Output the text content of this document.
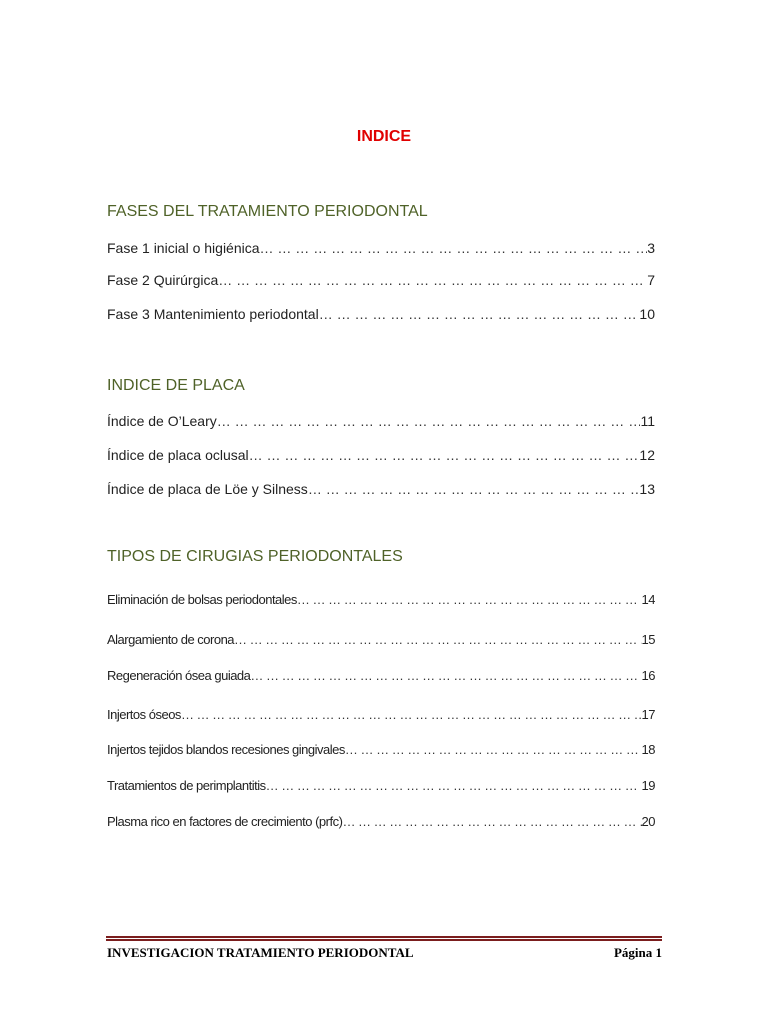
INDICE
FASES DEL TRATAMIENTO PERIODONTAL
Fase 1 inicial o higiénica … … … … … … … … … … … … … … … … … … … … … … … … … … … … … … … … … … … … … … … … … …	3
Fase 2 Quirúrgica … … … … … … … … … … … … … … … … … … … … … … … … … … … … … … … … … … … … … … … … … …	7
Fase 3 Mantenimiento periodontal … … … … … … … … … … … … … … … … … … … … … … … … … … … … … … … … … … … … … … … … … …	10
INDICE DE PLACA
Índice de O’Leary … … … … … … … … … … … … … … … … … … … … … … … … … … … … … … … … … … … … … … … … … …	11
Índice de placa oclusal … … … … … … … … … … … … … … … … … … … … … … … … … … … … … … … … … … … … … … … … … …	12
Índice de placa de Löe y Silness … … … … … … … … … … … … … … … … … … … … … … … … … … … … … … … … … … … … … … … … … …	13
TIPOS DE CIRUGIAS PERIODONTALES
Eliminación de bolsas periodontales … … … … … … … … … … … … … … … … … … … … … … … … … … … … … … … … … … … … … … … … … …	14
Alargamiento de corona … … … … … … … … … … … … … … … … … … … … … … … … … … … … … … … … … … … … … … … … … …	15
Regeneración ósea guiada … … … … … … … … … … … … … … … … … … … … … … … … … … … … … … … … … … … … … … … … … …	16
Injertos óseos … … … … … … … … … … … … … … … … … … … … … … … … … … … … … … … … … … … … … … … … … …	17
Injertos tejidos blandos recesiones gingivales … … … … … … … … … … … … … … … … … … … … … … … … … … … … … … … … … … … … … … … … … …	18
Tratamientos de perimplantitis … … … … … … … … … … … … … … … … … … … … … … … … … … … … … … … … … … … … … … … … … …	19
Plasma rico en factores de crecimiento (prfc) … … … … … … … … … … … … … … … … … … … … … … … … … … … … … … … … … … … … … … … … … …	20
INVESTIGACION TRATAMIENTO PERIODONTAL	Página 1
